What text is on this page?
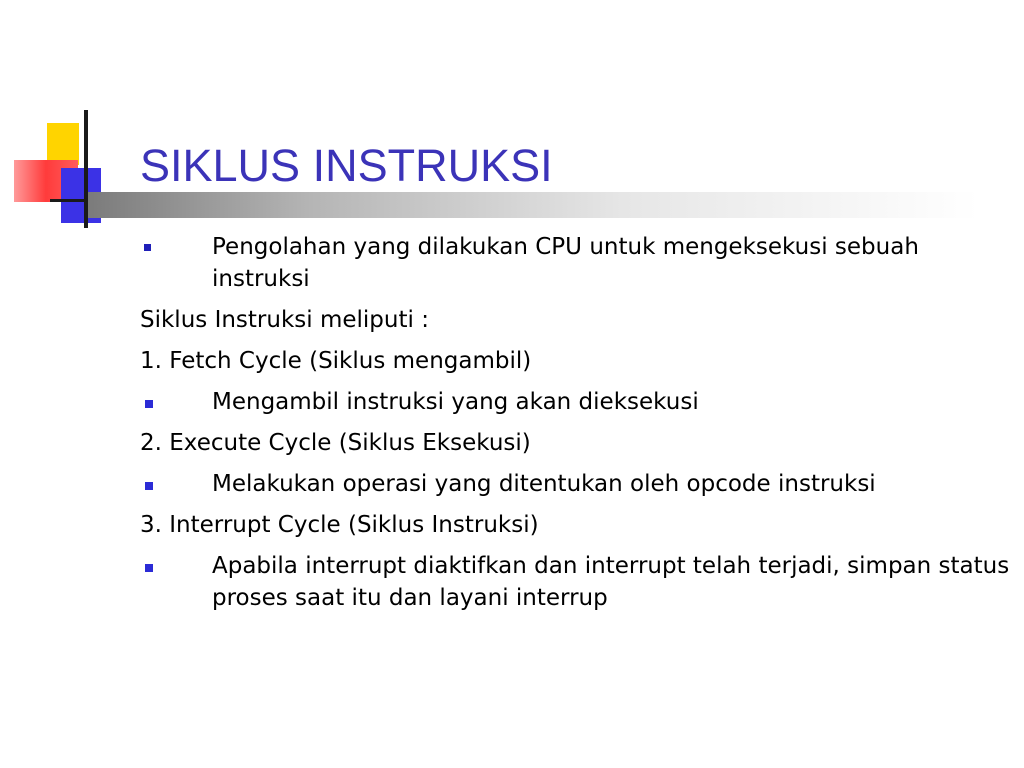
SIKLUS INSTRUKSI
Pengolahan yang dilakukan CPU untuk mengeksekusi sebuah instruksi
Siklus Instruksi meliputi :
1. Fetch Cycle (Siklus mengambil)
Mengambil instruksi yang akan dieksekusi
2. Execute Cycle (Siklus Eksekusi)
Melakukan operasi yang ditentukan oleh opcode instruksi
3. Interrupt Cycle (Siklus Instruksi)
Apabila interrupt diaktifkan dan interrupt telah terjadi, simpan status proses saat itu dan layani interrup
